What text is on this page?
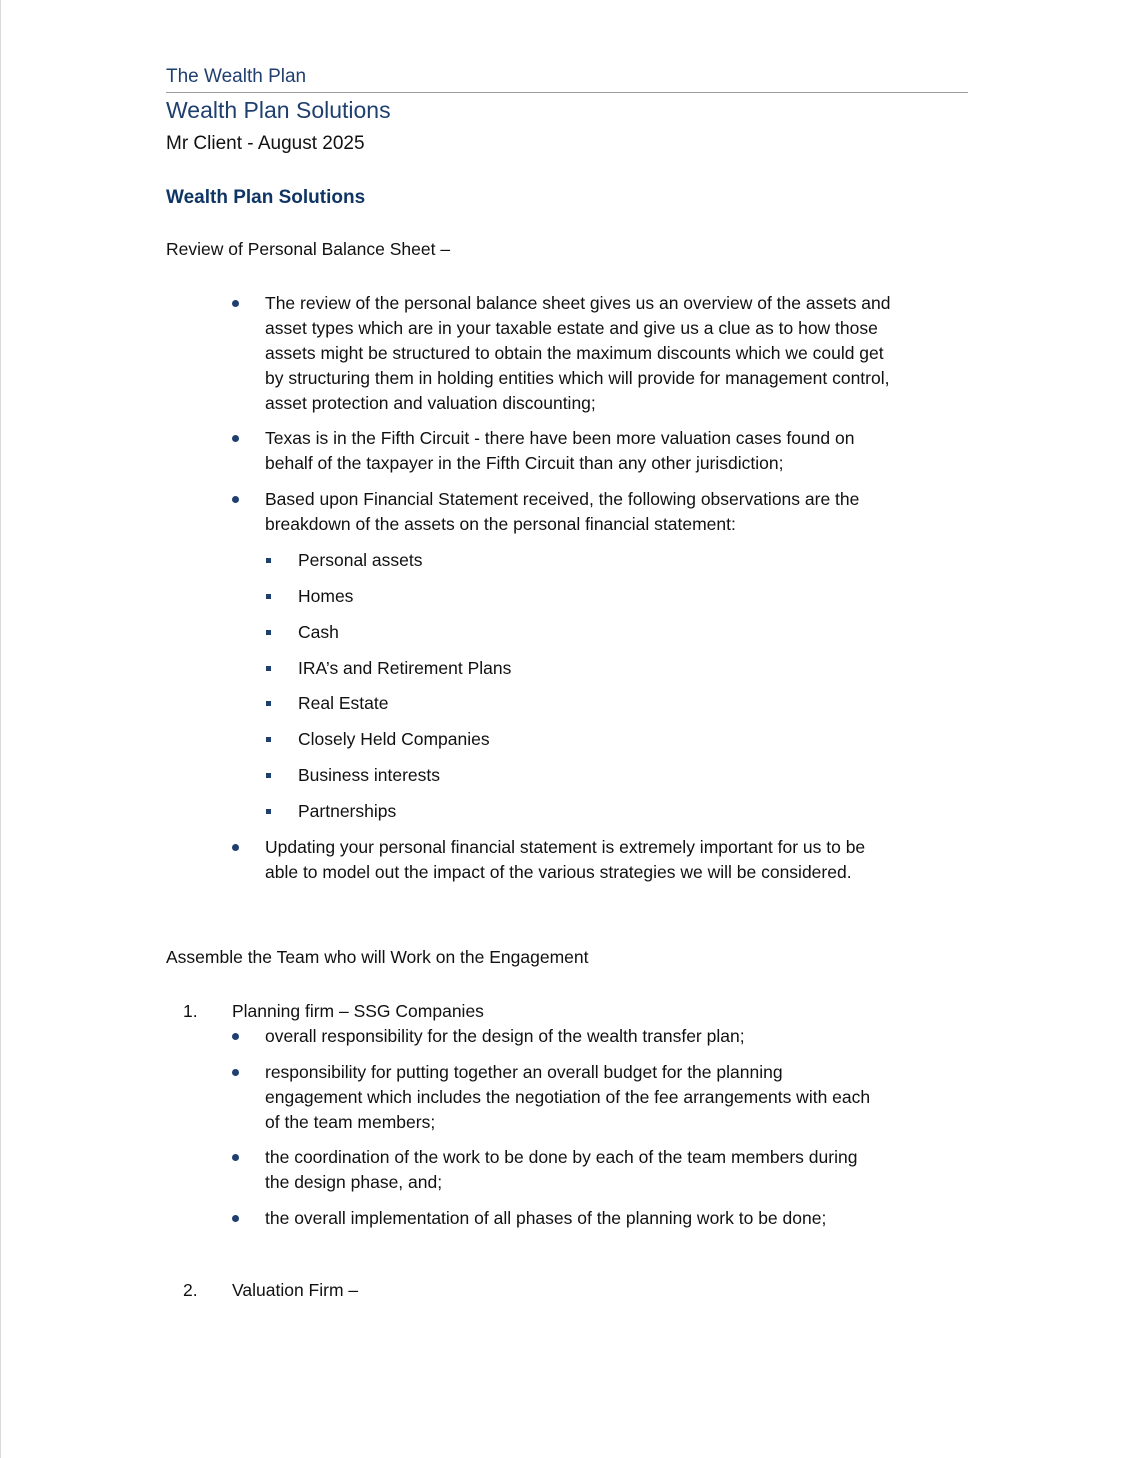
The Wealth Plan
Wealth Plan Solutions
Mr Client - August 2025
Wealth Plan Solutions
Review of Personal Balance Sheet –
The review of the personal balance sheet gives us an overview of the assets and asset types which are in your taxable estate and give us a clue as to how those assets might be structured to obtain the maximum discounts which we could get by structuring them in holding entities which will provide for management control, asset protection and valuation discounting;
Texas is in the Fifth Circuit - there have been more valuation cases found on behalf of the taxpayer in the Fifth Circuit than any other jurisdiction;
Based upon Financial Statement received, the following observations are the breakdown of the assets on the personal financial statement:
Personal assets
Homes
Cash
IRA’s and Retirement Plans
Real Estate
Closely Held Companies
Business interests
Partnerships
Updating your personal financial statement is extremely important for us to be able to model out the impact of the various strategies we will be considered.
Assemble the Team who will Work on the Engagement
1. Planning firm – SSG Companies
overall responsibility for the design of the wealth transfer plan;
responsibility for putting together an overall budget for the planning engagement which includes the negotiation of the fee arrangements with each of the team members;
the coordination of the work to be done by each of the team members during the design phase, and;
the overall implementation of all phases of the planning work to be done;
2. Valuation Firm –
